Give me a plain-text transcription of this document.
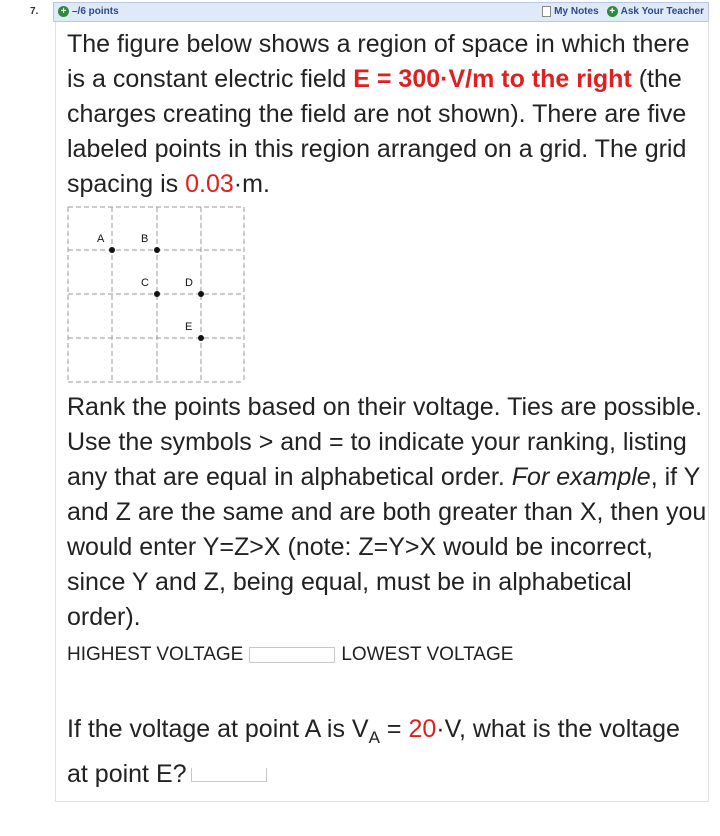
7. + –/6 points	My Notes + Ask Your Teacher
The figure below shows a region of space in which there is a constant electric field E = 300·V/m to the right (the charges creating the field are not shown). There are five labeled points in this region arranged on a grid. The grid spacing is 0.03·m.
A	B
C	D
E
Rank the points based on their voltage. Ties are possible. Use the symbols > and = to indicate your ranking, listing any that are equal in alphabetical order. For example, if Y and Z are the same and are both greater than X, then you would enter Y=Z>X (note: Z=Y>X would be incorrect, since Y and Z, being equal, must be in alphabetical order).
HIGHEST VOLTAGE	LOWEST VOLTAGE
If the voltage at point A is $V_A = 20\cdot V$, what is the voltage at point E?
